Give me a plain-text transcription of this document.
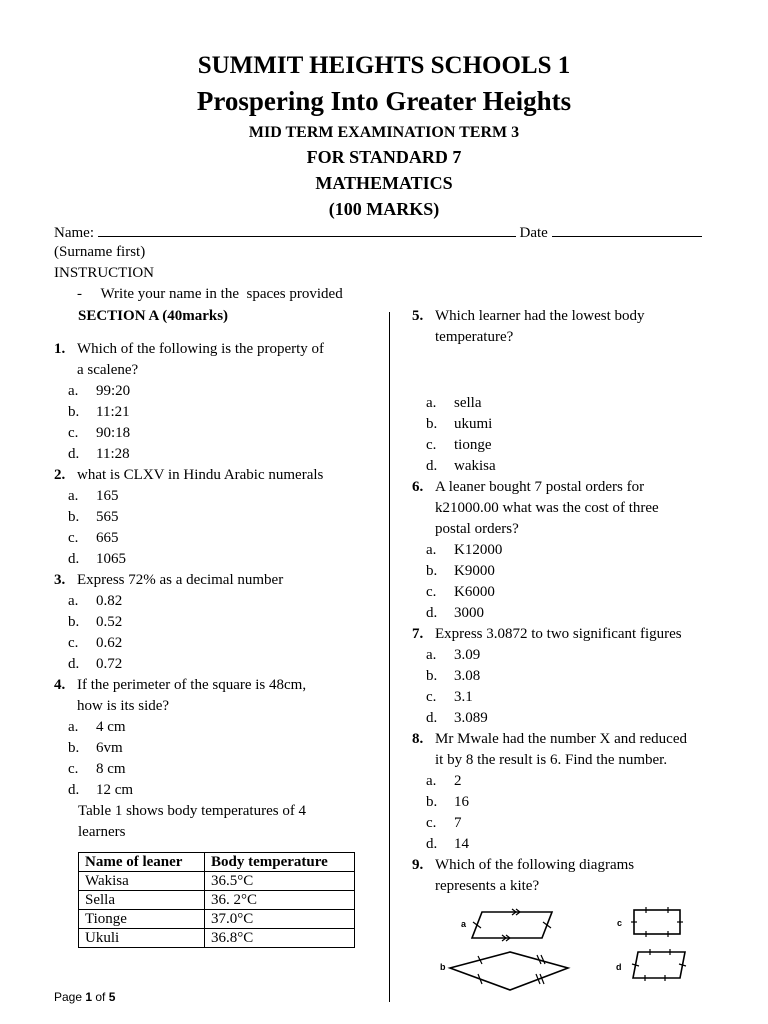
SUMMIT HEIGHTS SCHOOLS 1
Prospering Into Greater Heights
MID TERM EXAMINATION TERM 3
FOR STANDARD 7
MATHEMATICS
(100 MARKS)
Name:	Date
(Surname first)
INSTRUCTION
-     Write your name in the  spaces provided
SECTION A (40marks)
1. Which of the following is the property of
a scalene?
a. 99:20
b. 11:21
c. 90:18
d. 11:28
2. what is CLXV in Hindu Arabic numerals
a. 165
b. 565
c. 665
d. 1065
3. Express 72% as a decimal number
a. 0.82
b. 0.52
c. 0.62
d. 0.72
4. If the perimeter of the square is 48cm,
how is its side?
a. 4 cm
b. 6vm
c. 8 cm
d. 12 cm
Table 1 shows body temperatures of 4
learners
Name of leaner	Body temperature
Wakisa	36.5°C
Sella	36. 2°C
Tionge	37.0°C
Ukuli	36.8°C
5. Which learner had the lowest body
temperature?
a. sella
b. ukumi
c. tionge
d. wakisa
6. A leaner bought 7 postal orders for
k21000.00 what was the cost of three
postal orders?
a. K12000
b. K9000
c. K6000
d. 3000
7. Express 3.0872 to two significant figures
a. 3.09
b. 3.08
c. 3.1
d. 3.089
8. Mr Mwale had the number X and reduced
it by 8 the result is 6. Find the number.
a. 2
b. 16
c. 7
d. 14
9. Which of the following diagrams
represents a kite?
a
b
c
d
Page 1 of 5
